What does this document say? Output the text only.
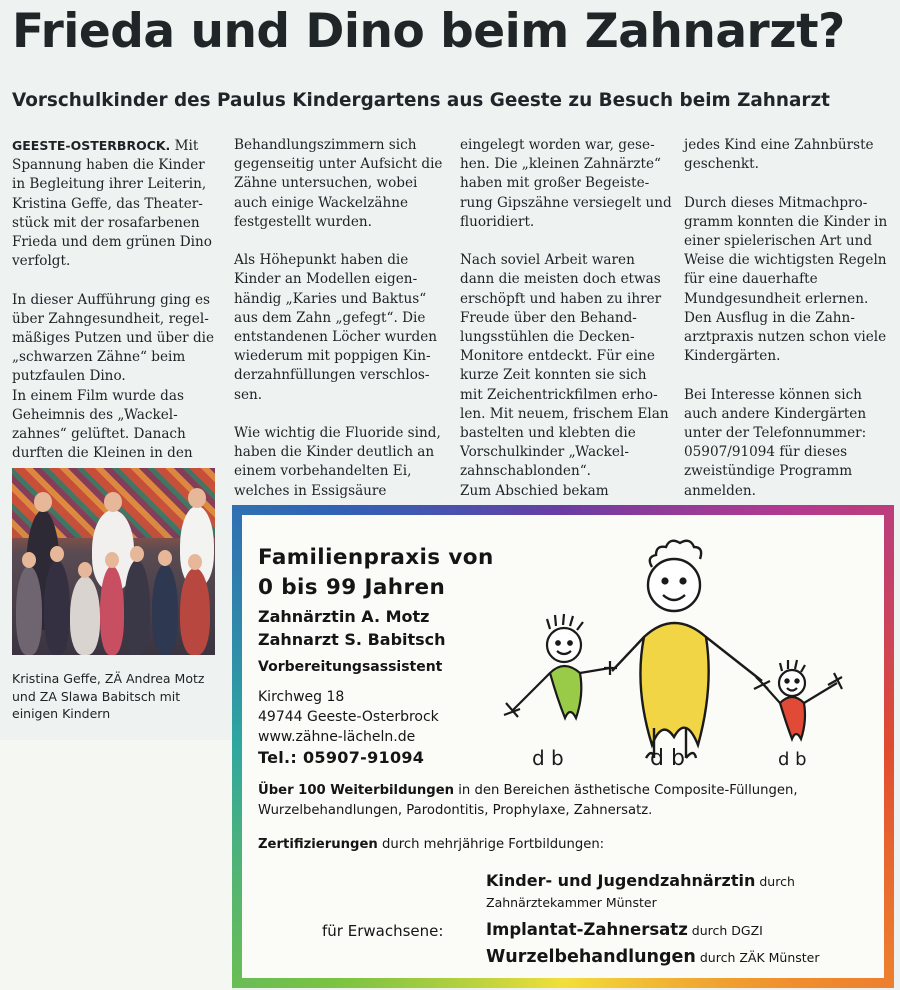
Frieda und Dino beim Zahnarzt?
Vorschulkinder des Paulus Kindergartens aus Geeste zu Besuch beim Zahnarzt

GEESTE-OSTERBROCK. Mit Spannung haben die Kinder in Begleitung ihrer Leiterin, Kristina Geffe, das Theaterstück mit der rosafarbenen Frieda und dem grünen Dino verfolgt.

In dieser Aufführung ging es über Zahngesundheit, regelmäßiges Putzen und über die „schwarzen Zähne“ beim putzfaulen Dino.

In einem Film wurde das Geheimnis des „Wackelzahnes“ gelüftet. Danach durften die Kleinen in den

Behandlungszimmern sich gegenseitig unter Aufsicht die Zähne untersuchen, wobei auch einige Wackelzähne festgestellt wurden.

Als Höhepunkt haben die Kinder an Modellen eigenhändig „Karies und Baktus“ aus dem Zahn „gefegt“. Die entstandenen Löcher wurden wiederum mit poppigen Kinderzahnfüllungen verschlossen.

Wie wichtig die Fluoride sind, haben die Kinder deutlich an einem vorbehandelten Ei, welches in Essigsäure

eingelegt worden war, gesehen. Die „kleinen Zahnärzte“ haben mit großer Begeisterung Gipszähne versiegelt und fluoridiert.

Nach soviel Arbeit waren dann die meisten doch etwas erschöpft und haben zu ihrer Freude über den Behandlungsstühlen die DeckenMonitore entdeckt. Für eine kurze Zeit konnten sie sich mit Zeichentrickfilmen erholen. Mit neuem, frischem Elan bastelten und klebten die Vorschulkinder „Wackelzahnschablonden“.

Zum Abschied bekam

jedes Kind eine Zahnbürste geschenkt.

Durch dieses Mitmachprogramm konnten die Kinder in einer spielerischen Art und Weise die wichtigsten Regeln für eine dauerhafte Mundgesundheit erlernen. Den Ausflug in die Zahnarztpraxis nutzen schon viele Kindergärten.

Bei Interesse können sich auch andere Kindergärten unter der Telefonnummer: 05907/91094 für dieses zweistündige Programm anmelden.

Kristina Geffe, ZÄ Andrea Motz und ZA Slawa Babitsch mit einigen Kindern
Familienpraxis von
0 bis 99 Jahren
Zahnärztin A. Motz
Zahnarzt S. Babitsch
Vorbereitungsassistent
Kirchweg 18
49744 Geeste-Osterbrock
www.zähne-lächeln.de
Tel.: 05907-91094
Über 100 Weiterbildungen in den Bereichen ästhetische Composite-Füllungen, Wurzelbehandlungen, Parodontitis, Prophylaxe, Zahnersatz.
Zertifizierungen durch mehrjährige Fortbildungen:
Kinder- und Jugendzahnärztin durch
Zahnärztekammer Münster
für Erwachsene:	Implantat-Zahnersatz durch DGZI
Wurzelbehandlungen durch ZÄK Münster
d b	d b	d b
